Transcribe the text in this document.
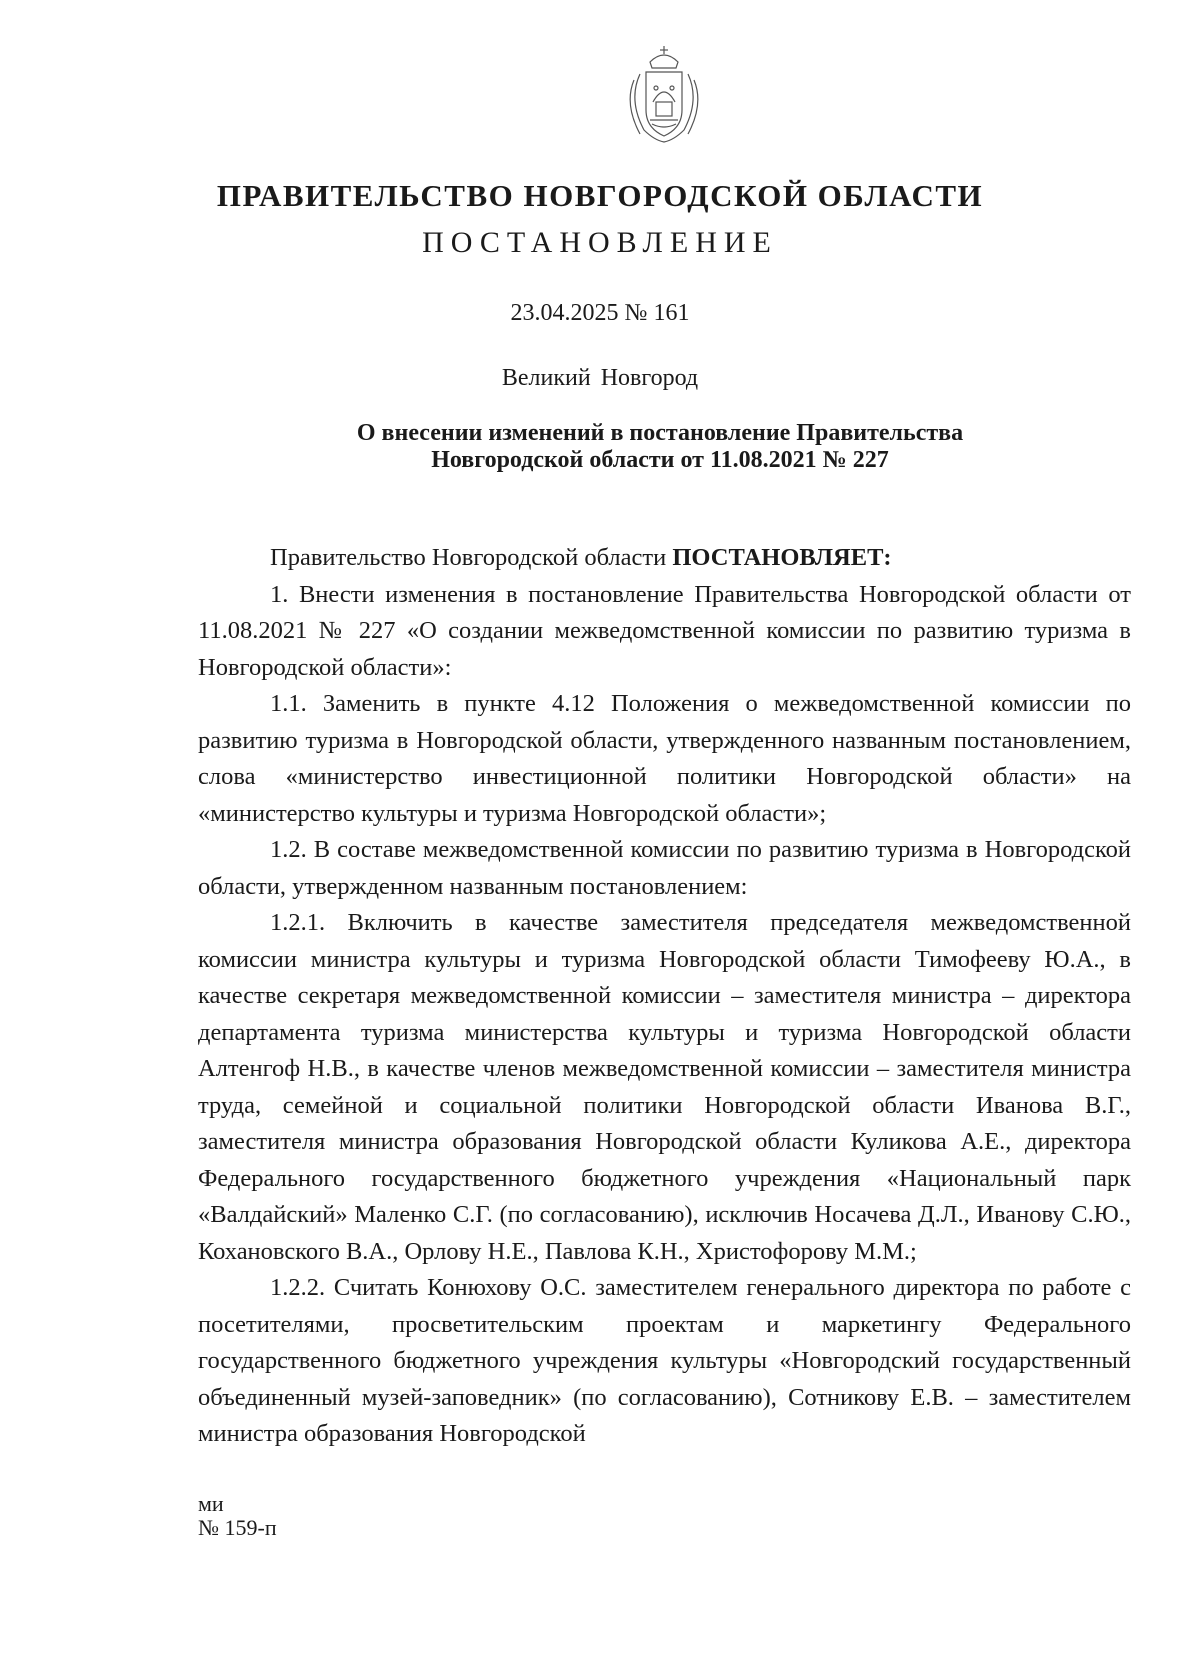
ПРАВИТЕЛЬСТВО НОВГОРОДСКОЙ ОБЛАСТИ
ПОСТАНОВЛЕНИЕ
23.04.2025 № 161
Великий Новгород
О внесении изменений в постановление Правительства
Новгородской области от 11.08.2021 № 227

Правительство Новгородской области ПОСТАНОВЛЯЕТ:

1. Внести изменения в постановление Правительства Новгородской области от 11.08.2021 № 227 «О создании межведомственной комиссии по развитию туризма в Новгородской области»:

1.1. Заменить в пункте 4.12 Положения о межведомственной комиссии по развитию туризма в Новгородской области, утвержденного названным постановлением, слова «министерство инвестиционной политики Новгородской области» на «министерство культуры и туризма Новгородской области»;

1.2. В составе межведомственной комиссии по развитию туризма в Новгородской области, утвержденном названным постановлением:

1.2.1. Включить в качестве заместителя председателя межведомственной комиссии министра культуры и туризма Новгородской области Тимофееву Ю.А., в качестве секретаря межведомственной комиссии – заместителя министра – директора департамента туризма министерства культуры и туризма Новгородской области Алтенгоф Н.В., в качестве членов межведомственной комиссии – заместителя министра труда, семейной и социальной политики Новгородской области Иванова В.Г., заместителя министра образования Новгородской области Куликова А.Е., директора Федерального государственного бюджетного учреждения «Национальный парк «Валдайский» Маленко С.Г. (по согласованию), исключив Носачева Д.Л., Иванову С.Ю., Кохановского В.А., Орлову Н.Е., Павлова К.Н., Христофорову М.М.;

1.2.2. Считать Конюхову О.С. заместителем генерального директора по работе с посетителями, просветительским проектам и маркетингу Федерального государственного бюджетного учреждения культуры «Новгородский государственный объединенный музей-заповедник» (по согласованию), Сотникову Е.В. – заместителем министра образования Новгородской

ми
№ 159-п
